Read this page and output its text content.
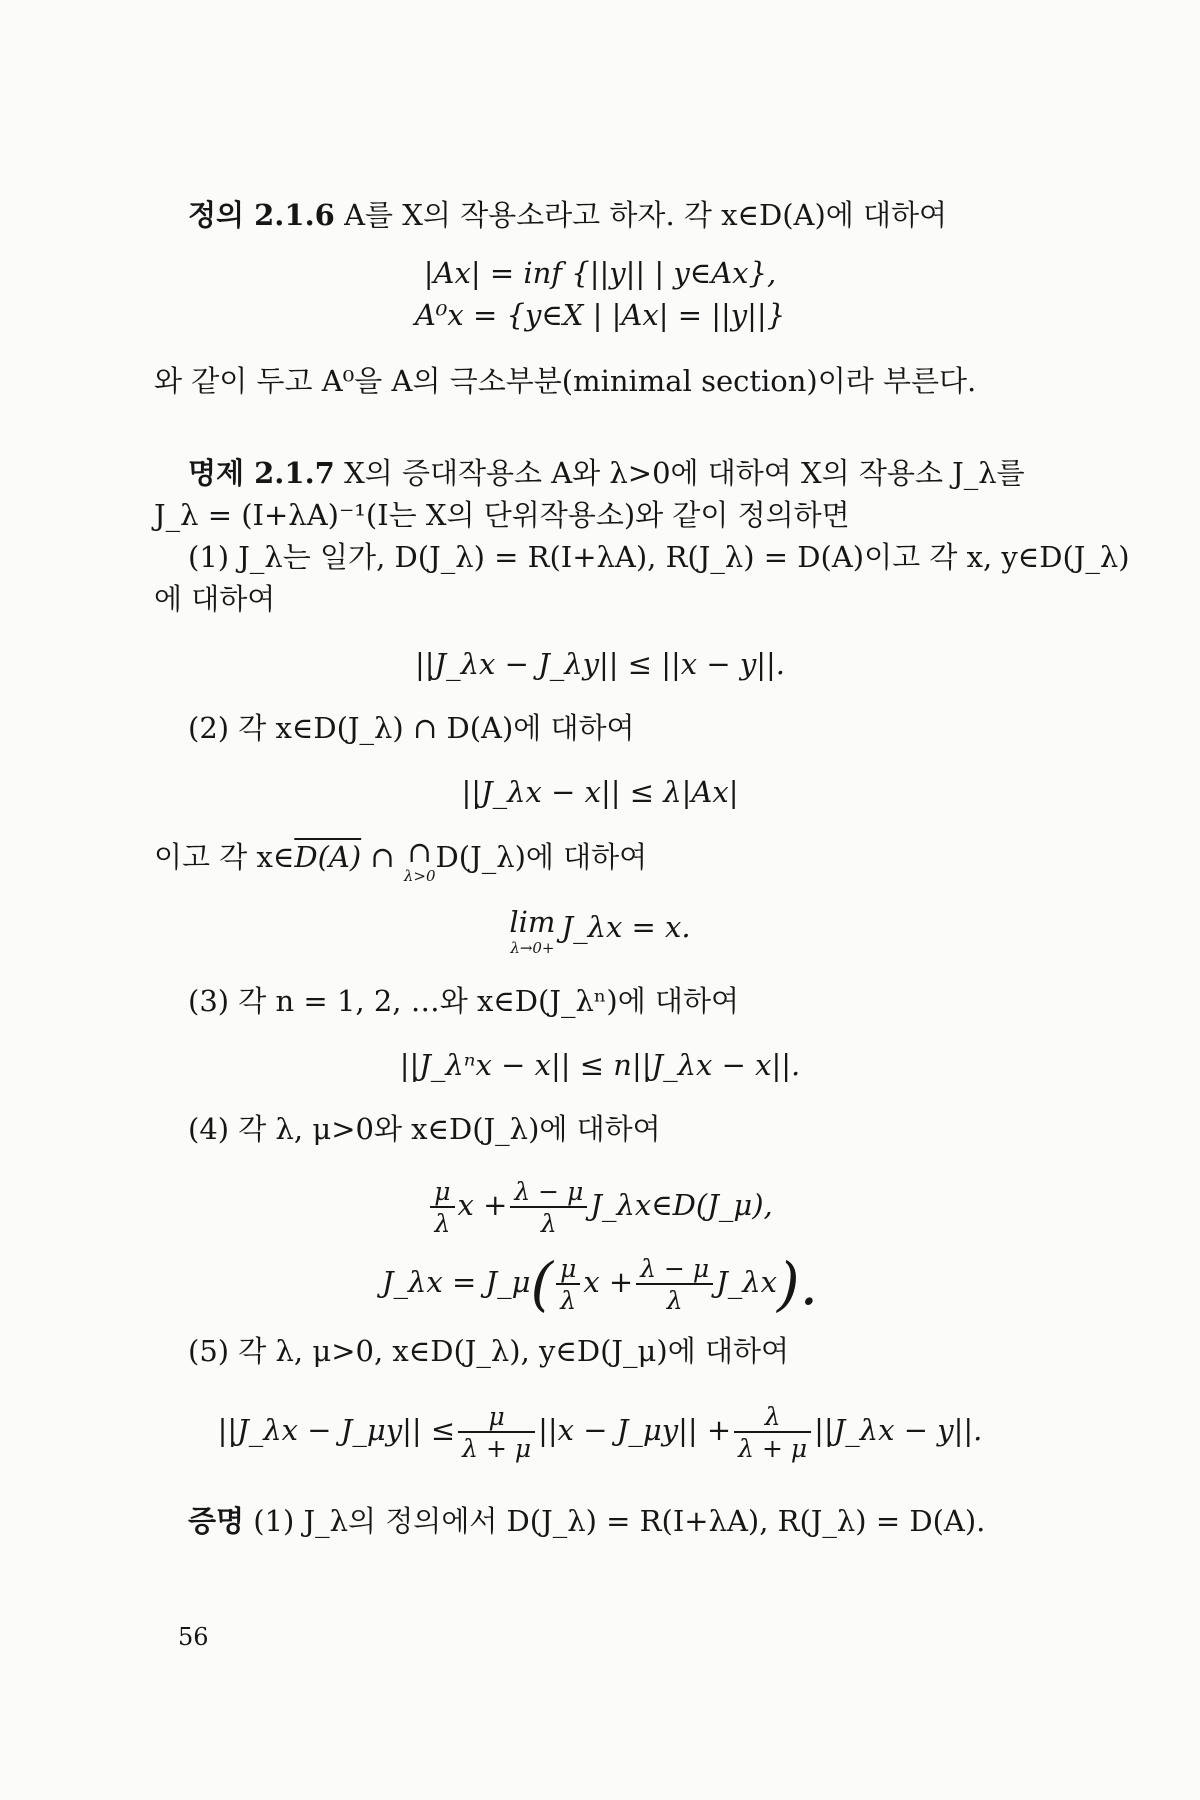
정의 2.1.6 A를 X의 작용소라고 하자. 각 x∈D(A)에 대하여
|Ax| = inf {||y|| | y∈Ax},
A⁰x = {y∈X | |Ax| = ||y||}
와 같이 두고 A⁰을 A의 극소부분(minimal section)이라 부른다.
명제 2.1.7 X의 증대작용소 A와 λ>0에 대하여 X의 작용소 J_λ를
J_λ = (I+λA)⁻¹(I는 X의 단위작용소)와 같이 정의하면
(1) J_λ는 일가, D(J_λ) = R(I+λA), R(J_λ) = D(A)이고 각 x, y∈D(J_λ)
에 대하여
||J_λx − J_λy|| ≤ ||x − y||.
(2) 각 x∈D(J_λ) ∩ D(A)에 대하여
||J_λx − x|| ≤ λ|Ax|
이고 각 x∈D(A) ∩ ∩
λ>0
D(J_λ)에 대하여
lim
λ→0+
J_λx = x.
(3) 각 n = 1, 2, …와 x∈D(J_λⁿ)에 대하여
||J_λⁿx − x|| ≤ n||J_λx − x||.
(4) 각 λ, μ>0와 x∈D(J_λ)에 대하여
$\frac{\mu}{\lambda}$ $x + \frac{\lambda - \mu}{\lambda}$ J_λx∈D(J_μ),
J_λx = J_μ( $\frac{\mu}{\lambda}$ $x + \frac{\lambda - \mu}{\lambda}$ J_λx).
(5) 각 λ, μ>0, x∈D(J_λ), y∈D(J_μ)에 대하여
||J_λx − J_μy|| ≤ $\frac{\mu}{\lambda + \mu} ||x$ − J_μy|| + $\frac{\lambda}{\lambda + \mu}$ ||J_λx − y||.
증명 (1) J_λ의 정의에서 D(J_λ) = R(I+λA), R(J_λ) = D(A).
56
